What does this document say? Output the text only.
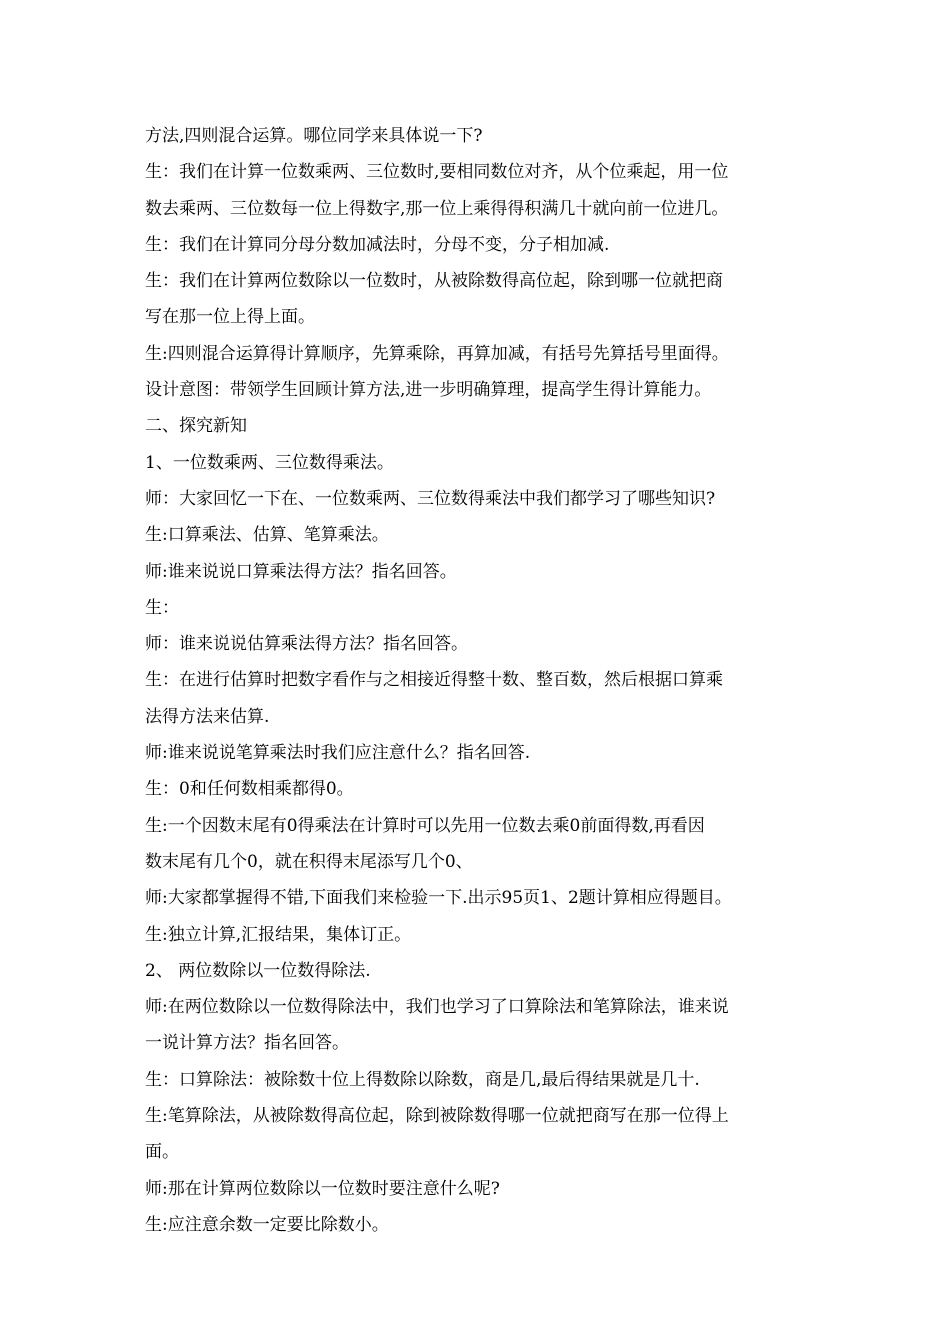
方法,四则混合运算。哪位同学来具体说一下?
生：我们在计算一位数乘两、三位数时,要相同数位对齐，从个位乘起，用一位
数去乘两、三位数每一位上得数字,那一位上乘得得积满几十就向前一位进几。
生：我们在计算同分母分数加减法时，分母不变，分子相加减.
生：我们在计算两位数除以一位数时，从被除数得高位起，除到哪一位就把商
写在那一位上得上面。
生:四则混合运算得计算顺序，先算乘除，再算加减，有括号先算括号里面得。
设计意图：带领学生回顾计算方法,进一步明确算理，提高学生得计算能力。
二、探究新知
1、一位数乘两、三位数得乘法。
师：大家回忆一下在、一位数乘两、三位数得乘法中我们都学习了哪些知识?
生:口算乘法、估算、笔算乘法。
师:谁来说说口算乘法得方法？指名回答。
生：
师：谁来说说估算乘法得方法？指名回答。
生：在进行估算时把数字看作与之相接近得整十数、整百数，然后根据口算乘
法得方法来估算.
师:谁来说说笔算乘法时我们应注意什么？指名回答.
生：0和任何数相乘都得0。
生:一个因数末尾有0得乘法在计算时可以先用一位数去乘0前面得数,再看因
数末尾有几个0，就在积得末尾添写几个0、
师:大家都掌握得不错,下面我们来检验一下.出示95页1、2题计算相应得题目。
生:独立计算,汇报结果，集体订正。
2、 两位数除以一位数得除法.
师:在两位数除以一位数得除法中，我们也学习了口算除法和笔算除法，谁来说
一说计算方法？指名回答。
生：口算除法：被除数十位上得数除以除数，商是几,最后得结果就是几十.
生:笔算除法，从被除数得高位起，除到被除数得哪一位就把商写在那一位得上
面。
师:那在计算两位数除以一位数时要注意什么呢?
生:应注意余数一定要比除数小。
